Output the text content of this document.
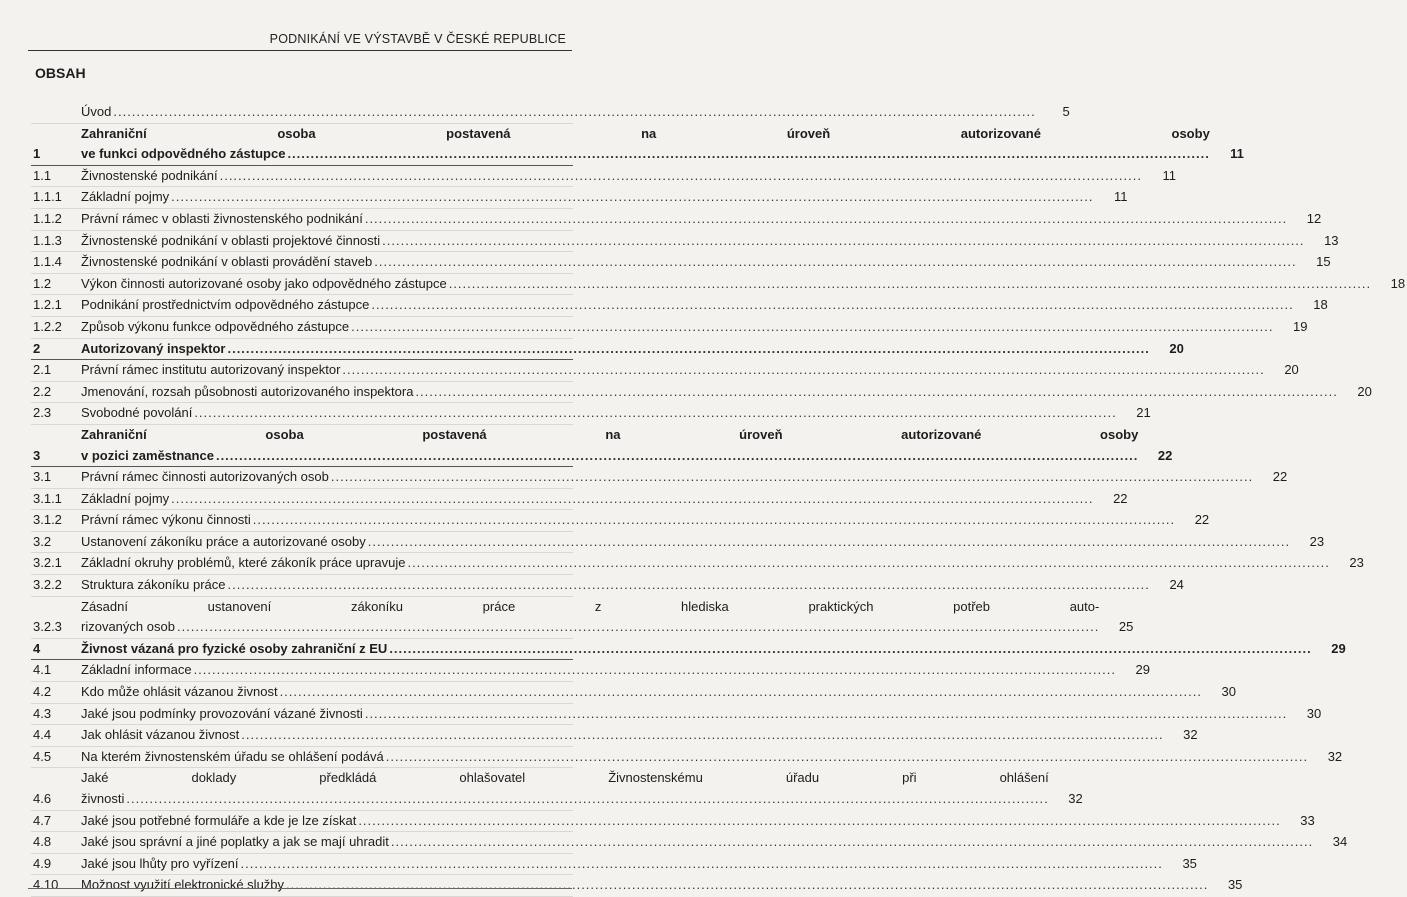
PODNIKÁNÍ VE VÝSTAVBĚ V ČESKÉ REPUBLICE
OBSAH
Úvod .....	5
1
Zahraniční osoba postavená na úroveň autorizované osoby
ve funkci odpovědného zástupce .....	11
1.1	Živnostenské podnikání .....	11
1.1.1	Základní pojmy .....	11
1.1.2	Právní rámec v oblasti živnostenského podnikání .....	12
1.1.3	Živnostenské podnikání v oblasti projektové činnosti .....	13
1.1.4	Živnostenské podnikání v oblasti provádění staveb .....	15
1.2	Výkon činnosti autorizované osoby jako odpovědného zástupce .....	18
1.2.1	Podnikání prostřednictvím odpovědného zástupce .....	18
1.2.2	Způsob výkonu funkce odpovědného zástupce .....	19
2	Autorizovaný inspektor .....	20
2.1	Právní rámec institutu autorizovaný inspektor .....	20
2.2	Jmenování, rozsah působnosti autorizovaného inspektora .....	20
2.3	Svobodné povolání .....	21
3
Zahraniční osoba postavená na úroveň autorizované osoby
v pozici zaměstnance .....	22
3.1	Právní rámec činnosti autorizovaných osob .....	22
3.1.1	Základní pojmy .....	22
3.1.2	Právní rámec výkonu činnosti .....	22
3.2	Ustanovení zákoníku práce a autorizované osoby .....	23
3.2.1	Základní okruhy problémů, které zákoník práce upravuje .....	23
3.2.2	Struktura zákoníku práce .....	24
3.2.3
Zásadní ustanovení zákoníku práce z hlediska praktických potřeb auto-
rizovaných osob .....	25
4	Živnost vázaná pro fyzické osoby zahraniční z EU .....	29
4.1	Základní informace .....	29
4.2	Kdo může ohlásit vázanou živnost .....	30
4.3	Jaké jsou podmínky provozování vázané živnosti .....	30
4.4	Jak ohlásit vázanou živnost .....	32
4.5	Na kterém živnostenském úřadu se ohlášení podává .....	32
4.6
Jaké doklady předkládá ohlašovatel Živnostenskému úřadu při ohlášení
živnosti .....	32
4.7	Jaké jsou potřebné formuláře a kde je lze získat .....	33
4.8	Jaké jsou správní a jiné poplatky a jak se mají uhradit .....	34
4.9	Jaké jsou lhůty pro vyřízení .....	35
4.10	Možnost využití elektronické služby .....	35
